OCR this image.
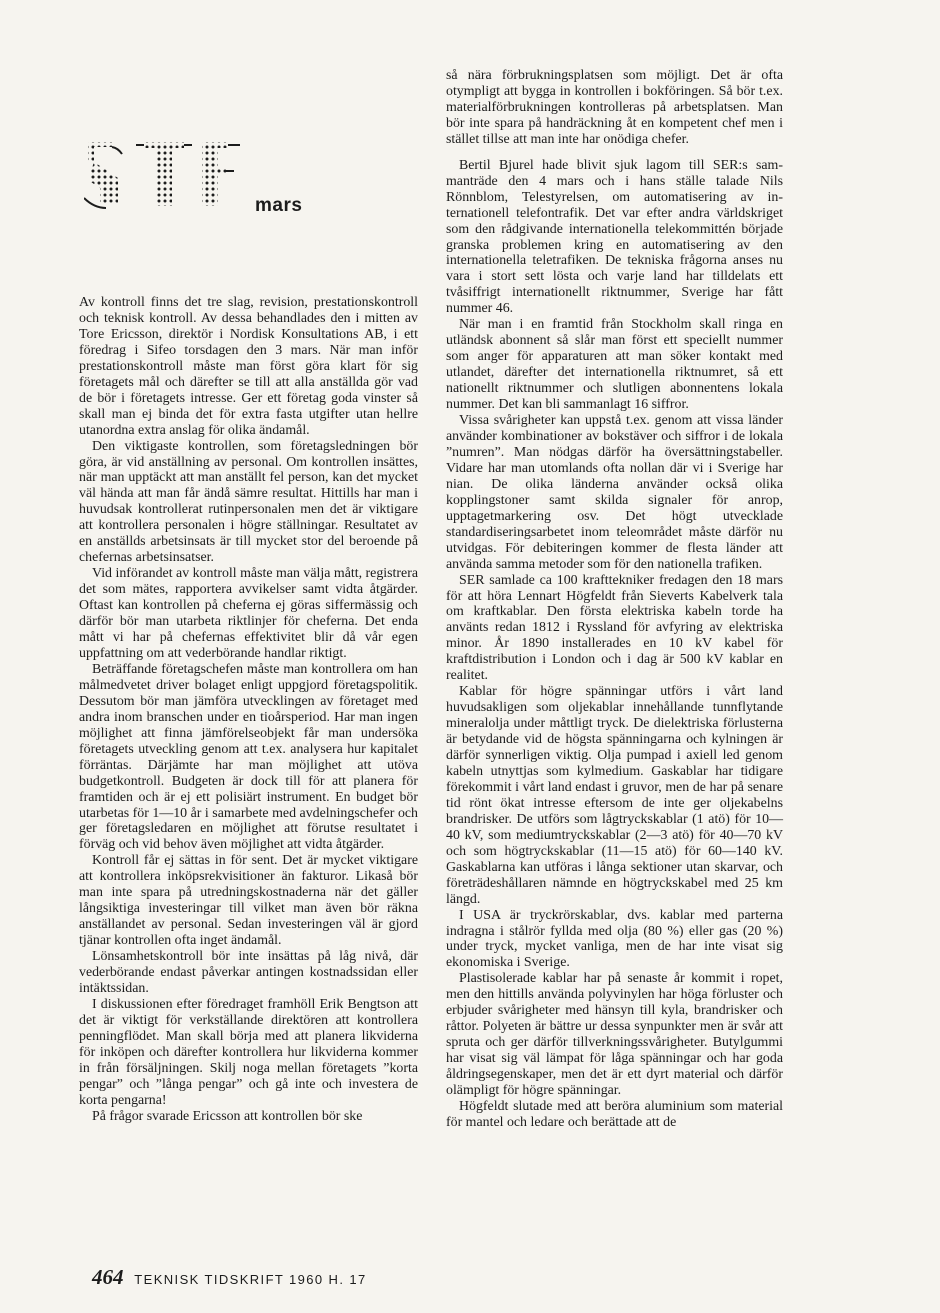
mars

Av kontroll finns det tre slag, revision, prestationskontroll och teknisk kontroll. Av dessa behandlades den i mitten av Tore Ericsson, direktör i Nordisk Konsultations AB, i ett föredrag i Sifeo torsdagen den 3 mars. När man inför prestationskontroll måste man först göra klart för sig företagets mål och därefter se till att alla anställda gör vad de bör i företagets intresse. Ger ett företag goda vinster så skall man ej binda det för extra fasta utgifter utan hellre utanordna extra anslag för olika ändamål.

Den viktigaste kontrollen, som företagsledningen bör göra, är vid anställning av personal. Om kontrollen insättes, när man upptäckt att man anställt fel person, kan det mycket väl hända att man får ändå sämre resultat. Hittills har man i huvudsak kontrollerat rutinpersonalen men det är viktigare att kontrollera personalen i högre ställningar. Resultatet av en anställds arbetsinsats är till mycket stor del beroende på chefernas arbetsinsatser.

Vid införandet av kontroll måste man välja mått, registrera det som mätes, rapportera avvikelser samt vidta åtgärder. Oftast kan kontrollen på cheferna ej göras siffermässig och därför bör man utarbeta riktlinjer för cheferna. Det enda mått vi har på chefernas effektivitet blir då vår egen uppfattning om att vederbörande handlar riktigt.

Beträffande företagschefen måste man kontrollera om han målmedvetet driver bolaget enligt uppgjord företagspolitik. Dessutom bör man jämföra utvecklingen av företaget med andra inom branschen under en tioårsperiod. Har man ingen möjlighet att finna jämförelseobjekt får man undersöka företagets utveckling genom att t.ex. analysera hur kapitalet förräntas. Därjämte har man möjlighet att utöva budgetkontroll. Budgeten är dock till för att planera för framtiden och är ej ett polisiärt instrument. En budget bör utarbetas för 1—10 år i samarbete med avdelningschefer och ger företagsledaren en möjlighet att förutse resultatet i förväg och vid behov även möjlighet att vidta åtgärder.

Kontroll får ej sättas in för sent. Det är mycket viktigare att kontrollera inköpsrekvisitioner än fakturor. Likaså bör man inte spara på utredningskostnaderna när det gäller långsiktiga investeringar till vilket man även bör räkna anställandet av personal. Sedan investeringen väl är gjord tjänar kontrollen ofta inget ändamål.

Lönsamhetskontroll bör inte insättas på låg nivå, där vederbörande endast påverkar antingen kostnadssidan eller intäktssidan.

I diskussionen efter föredraget framhöll Erik Bengtson att det är viktigt för verkställande direktören att kontrollera penningflödet. Man skall börja med att planera likviderna för inköpen och därefter kontrollera hur likviderna kommer in från försäljningen. Skilj noga mellan företagets ”korta pengar” och ”långa pengar” och gå inte och investera de korta pengarna!

På frågor svarade Ericsson att kontrollen bör ske

så nära förbrukningsplatsen som möjligt. Det är ofta otympligt att bygga in kontrollen i bokföringen. Så bör t.ex. materialförbrukningen kontrolleras på arbetsplatsen. Man bör inte spara på handräckning åt en kompetent chef men i stället tillse att man inte har onödiga chefer.

Bertil Bjurel hade blivit sjuk lagom till SER:s sammanträde den 4 mars och i hans ställe talade Nils Rönnblom, Telestyrelsen, om automatisering av internationell telefontrafik. Det var efter andra världskriget som den rådgivande internationella telekommittén började granska problemen kring en automatisering av den internationella teletrafiken. De tekniska frågorna anses nu vara i stort sett lösta och varje land har tilldelats ett tvåsiffrigt internationellt riktnummer, Sverige har fått nummer 46.

När man i en framtid från Stockholm skall ringa en utländsk abonnent så slår man först ett speciellt nummer som anger för apparaturen att man söker kontakt med utlandet, därefter det internationella riktnumret, så ett nationellt riktnummer och slutligen abonnentens lokala nummer. Det kan bli sammanlagt 16 siffror.

Vissa svårigheter kan uppstå t.ex. genom att vissa länder använder kombinationer av bokstäver och siffror i de lokala ”numren”. Man nödgas därför ha översättningstabeller. Vidare har man utomlands ofta nollan där vi i Sverige har nian. De olika länderna använder också olika kopplingstoner samt skilda signaler för anrop, upptagetmarkering osv. Det högt utvecklade standardiseringsarbetet inom teleområdet måste därför nu utvidgas. För debiteringen kommer de flesta länder att använda samma metoder som för den nationella trafiken.

SER samlade ca 100 krafttekniker fredagen den 18 mars för att höra Lennart Högfeldt från Sieverts Kabelverk tala om kraftkablar. Den första elektriska kabeln torde ha använts redan 1812 i Ryssland för avfyring av elektriska minor. År 1890 installerades en 10 kV kabel för kraftdistribution i London och i dag är 500 kV kablar en realitet.

Kablar för högre spänningar utförs i vårt land huvudsakligen som oljekablar innehållande tunnflytande mineralolja under måttligt tryck. De dielektriska förlusterna är betydande vid de högsta spänningarna och kylningen är därför synnerligen viktig. Olja pumpad i axiell led genom kabeln utnyttjas som kylmedium. Gaskablar har tidigare förekommit i vårt land endast i gruvor, men de har på senare tid rönt ökat intresse eftersom de inte ger oljekabelns brandrisker. De utförs som lågtryckskablar (1 atö) för 10—40 kV, som mediumtryckskablar (2—3 atö) för 40—70 kV och som högtryckskablar (11—15 atö) för 60—140 kV. Gaskablarna kan utföras i långa sektioner utan skarvar, och företrädeshållaren nämnde en högtryckskabel med 25 km längd.

I USA är tryckrörskablar, dvs. kablar med parterna indragna i stålrör fyllda med olja (80 %) eller gas (20 %) under tryck, mycket vanliga, men de har inte visat sig ekonomiska i Sverige.

Plastisolerade kablar har på senaste år kommit i ropet, men den hittills använda polyvinylen har höga förluster och erbjuder svårigheter med hänsyn till kyla, brandrisker och råttor. Polyeten är bättre ur dessa synpunkter men är svår att spruta och ger därför tillverkningssvårigheter. Butylgummi har visat sig väl lämpat för låga spänningar och har goda åldringsegenskaper, men det är ett dyrt material och därför olämpligt för högre spänningar.

Högfeldt slutade med att beröra aluminium som material för mantel och ledare och berättade att de

464 TEKNISK TIDSKRIFT 1960 H. 17
